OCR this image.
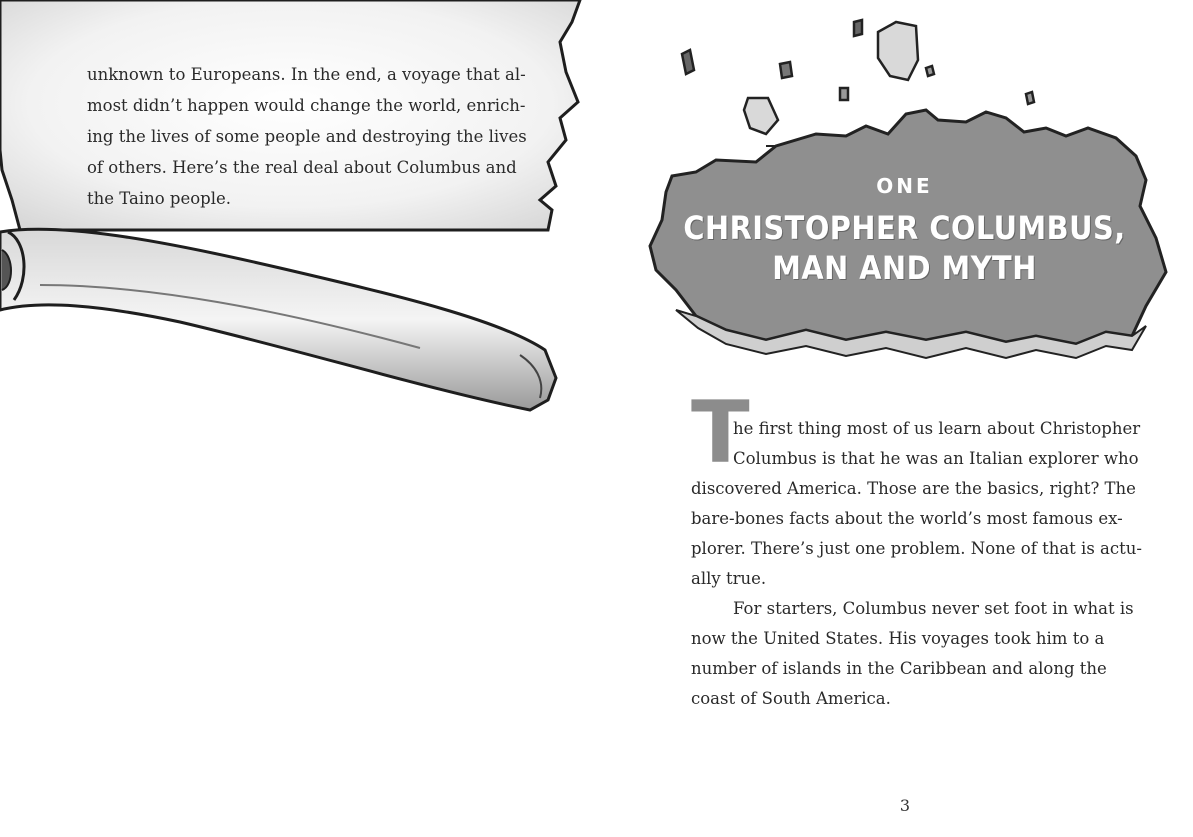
unknown to Europeans. In the end, a voyage that al-
most didn’t happen would change the world, enrich-
ing the lives of some people and destroying the lives
of others. Here’s the real deal about Columbus and
the Taino people.

ONE
CHRISTOPHER COLUMBUS,
MAN AND MYTH
T
he first thing most of us learn about Christopher
Columbus is that he was an Italian explorer who
discovered America. Those are the basics, right? The
bare-bones facts about the world’s most famous ex-
plorer. There’s just one problem. None of that is actu-
ally true.
For starters, Columbus never set foot in what is
now the United States. His voyages took him to a
number of islands in the Caribbean and along the
coast of South America.
3
